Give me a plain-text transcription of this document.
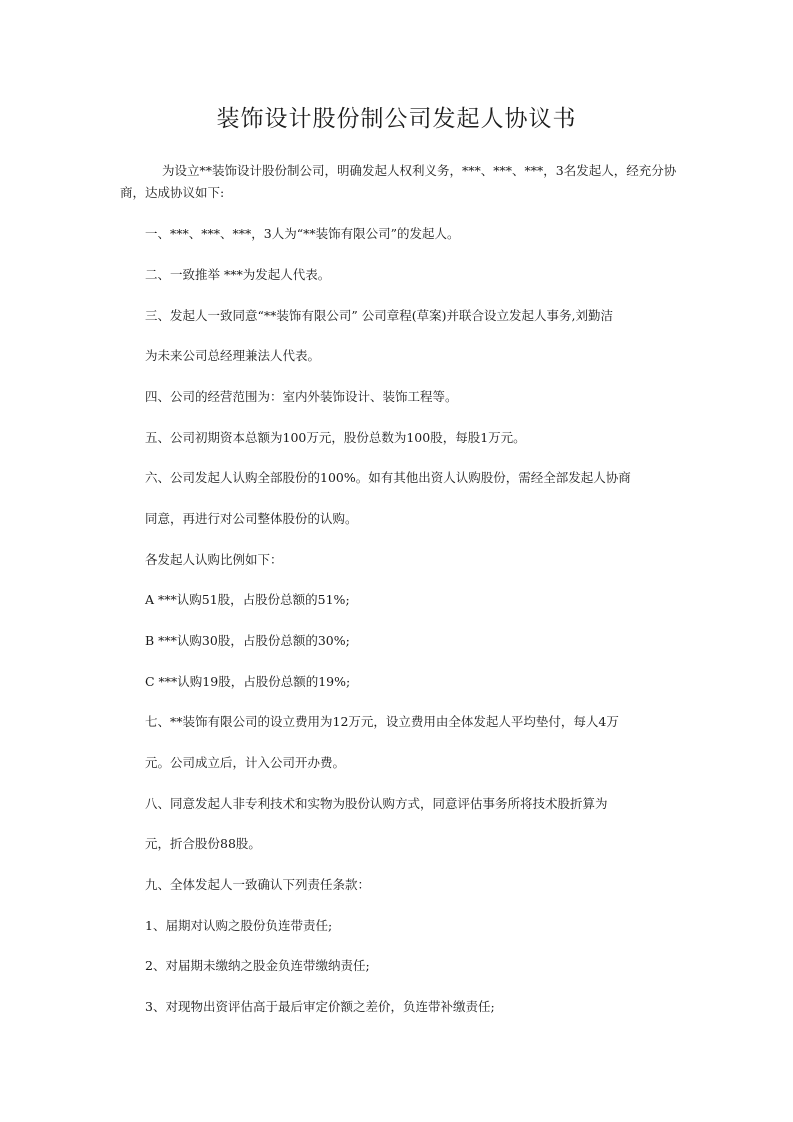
装饰设计股份制公司发起人协议书

为设立**装饰设计股份制公司，明确发起人权利义务，***、***、***，3名发起人，经充分协商，达成协议如下:

一、***、***、***，3人为“**装饰有限公司”的发起人。

二、一致推举 ***为发起人代表。

三、发起人一致同意“**装饰有限公司” 公司章程(草案)并联合设立发起人事务,刘勤洁

为未来公司总经理兼法人代表。

四、公司的经营范围为：室内外装饰设计、装饰工程等。

五、公司初期资本总额为100万元，股份总数为100股，每股1万元。

六、公司发起人认购全部股份的100%。如有其他出资人认购股份，需经全部发起人协商

同意，再进行对公司整体股份的认购。

各发起人认购比例如下：

A ***认购51股，占股份总额的51%;

B ***认购30股，占股份总额的30%;

C ***认购19股，占股份总额的19%;

七、**装饰有限公司的设立费用为12万元，设立费用由全体发起人平均垫付，每人4万

元。公司成立后，计入公司开办费。

八、同意发起人非专利技术和实物为股份认购方式，同意评估事务所将技术股折算为

元，折合股份88股。

九、全体发起人一致确认下列责任条款：

1、届期对认购之股份负连带责任;

2、对届期未缴纳之股金负连带缴纳责任;

3、对现物出资评估高于最后审定价额之差价，负连带补缴责任;
